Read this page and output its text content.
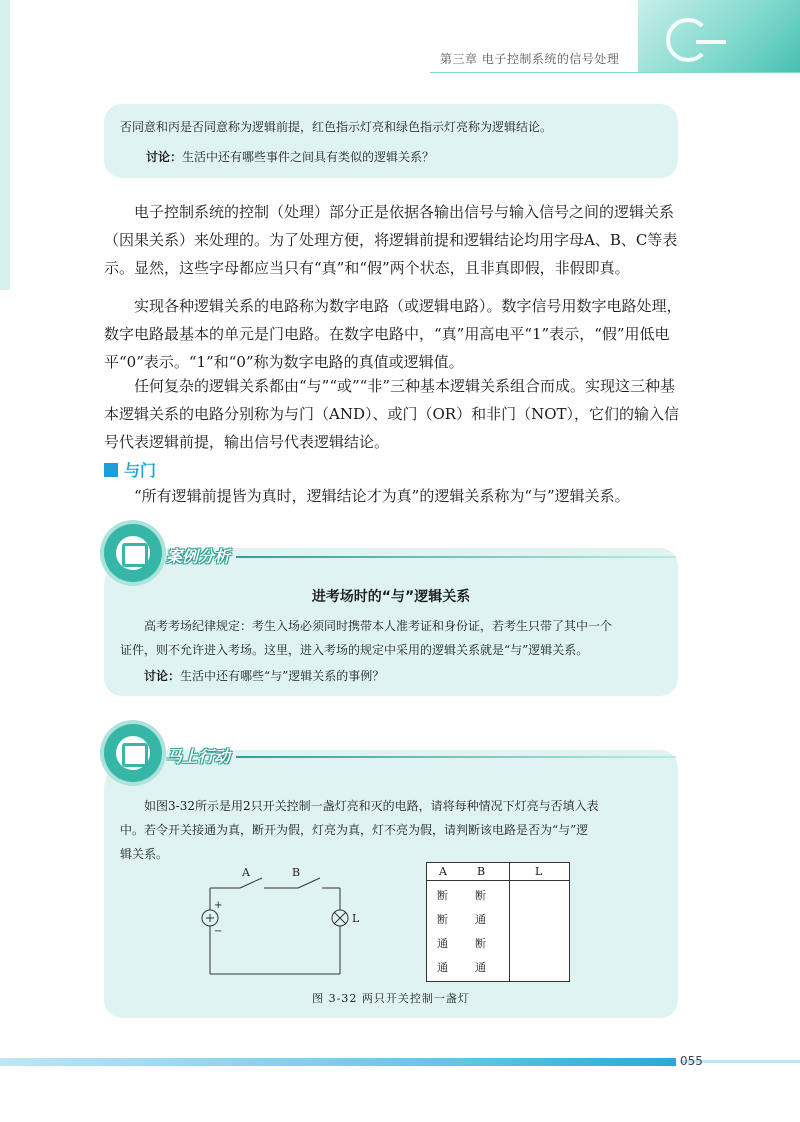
第三章 电子控制系统的信号处理

否同意和丙是否同意称为逻辑前提，红色指示灯亮和绿色指示灯亮称为逻辑结论。

讨论：生活中还有哪些事件之间具有类似的逻辑关系？

电子控制系统的控制（处理）部分正是依据各输出信号与输入信号之间的逻辑关系（因果关系）来处理的。为了处理方便，将逻辑前提和逻辑结论均用字母A、B、C等表示。显然，这些字母都应当只有“真”和“假”两个状态，且非真即假，非假即真。

实现各种逻辑关系的电路称为数字电路（或逻辑电路）。数字信号用数字电路处理，数字电路最基本的单元是门电路。在数字电路中，“真”用高电平“1”表示，“假”用低电平“0”表示。“1”和“0”称为数字电路的真值或逻辑值。

任何复杂的逻辑关系都由“与”“或”“非”三种基本逻辑关系组合而成。实现这三种基本逻辑关系的电路分别称为与门（AND）、或门（OR）和非门（NOT），它们的输入信号代表逻辑前提，输出信号代表逻辑结论。

与门

“所有逻辑前提皆为真时，逻辑结论才为真”的逻辑关系称为“与”逻辑关系。

进考场时的“与”逻辑关系

高考考场纪律规定：考生入场必须同时携带本人准考证和身份证，若考生只带了其中一个

证件，则不允许进入考场。这里，进入考场的规定中采用的逻辑关系就是“与”逻辑关系。

讨论：生活中还有哪些“与”逻辑关系的事例？

案例分析

如图3-32所示是用2只开关控制一盏灯亮和灭的电路，请将每种情况下灯亮与否填入表

中。若令开关接通为真，断开为假，灯亮为真，灯不亮为假，请判断该电路是否为“与”逻

辑关系。

A	B
L
+
−
A	B	L
断 断
断 通
通 断
通 通
图 3-32 两只开关控制一盏灯
马上行动
055
